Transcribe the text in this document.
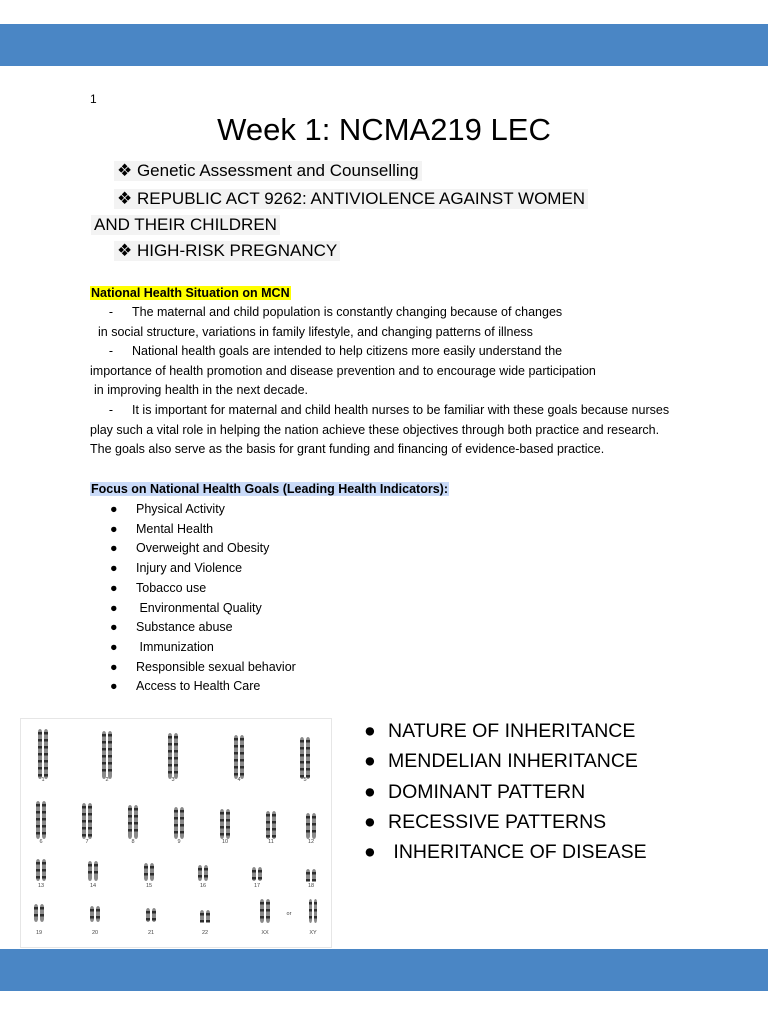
1
Week 1: NCMA219 LEC
❖ Genetic Assessment and Counselling
❖ REPUBLIC ACT 9262: ANTIVIOLENCE AGAINST WOMEN
AND THEIR CHILDREN
❖ HIGH-RISK PREGNANCY
National Health Situation on MCN
- The maternal and child population is constantly changing because of changes
in social structure, variations in family lifestyle, and changing patterns of illness
- National health goals are intended to help citizens more easily understand the
importance of health promotion and disease prevention and to encourage wide participation
in improving health in the next decade.
- It is important for maternal and child health nurses to be familiar with these goals because nurses
play such a vital role in helping the nation achieve these objectives through both practice and research.
The goals also serve as the basis for grant funding and financing of evidence-based practice.
Focus on National Health Goals (Leading Health Indicators):
● Physical Activity
● Mental Health
● Overweight and Obesity
● Injury and Violence
● Tobacco use
● Environmental Quality
● Substance abuse
● Immunization
● Responsible sexual behavior
● Access to Health Care
1	2	3	4	5
6	7	8	9	10	11	12
13	14	15	16	17	18
19	20	21	22	XX
or
XY
● NATURE OF INHERITANCE
● MENDELIAN INHERITANCE
● DOMINANT PATTERN
● RECESSIVE PATTERNS
● INHERITANCE OF DISEASE
